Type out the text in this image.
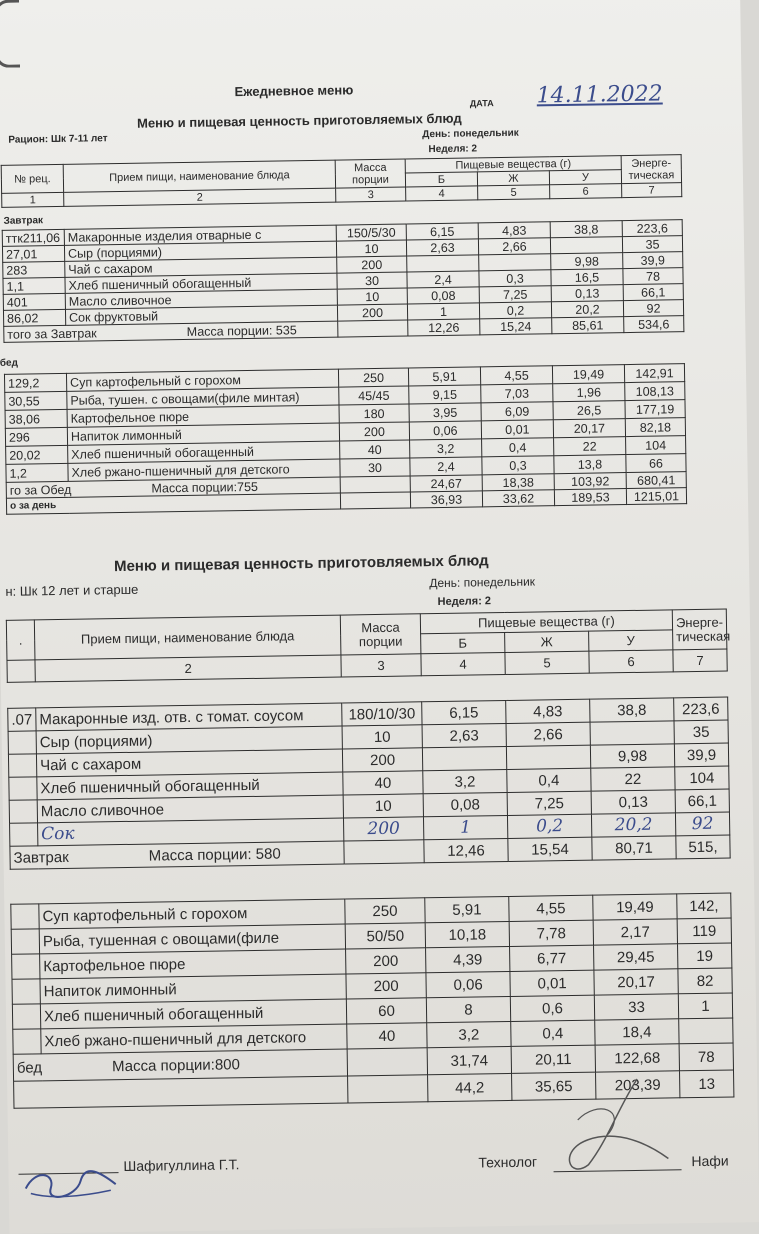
Ежедневное меню
ДАТА 14.11.2022
Меню и пищевая ценность приготовляемых блюд
Рацион: Шк 7-11 лет	День: понедельник
Неделя: 2
№ рец.	Прием пищи, наименование блюда	Масса порции	Пищевые вещества (г)			Энерге-тическая
			Б	Ж	У	
1	2	3	4	5	6	7
Завтрак
ттк211,06	Макаронные изделия отварные с	150/5/30	6,15	4,83	38,8	223,6
27,01	Сыр (порциями)	10	2,63	2,66		35
283	Чай с сахаром	200			9,98	39,9
1,1	Хлеб пшеничный обогащенный	30	2,4	0,3	16,5	78
401	Масло сливочное	10	0,08	7,25	0,13	66,1
86,02	Сок фруктовый	200	1	0,2	20,2	92
того за Завтрак Масса порции: 535			12,26	15,24	85,61	534,6
бед
129,2	Суп картофельный с горохом	250	5,91	4,55	19,49	142,91
30,55	Рыба, тушен. с овощами(филе минтая)	45/45	9,15	7,03	1,96	108,13
38,06	Картофельное пюре	180	3,95	6,09	26,5	177,19
296	Напиток лимонный	200	0,06	0,01	20,17	82,18
20,02	Хлеб пшеничный обогащенный	40	3,2	0,4	22	104
1,2	Хлеб ржано-пшеничный для детского	30	2,4	0,3	13,8	66
го за Обед Масса порции:755			24,67	18,38	103,92	680,41
о за день			36,93	33,62	189,53	1215,01
Меню и пищевая ценность приготовляемых блюд
н: Шк 12 лет и старше	День: понедельник
Неделя: 2
.	Прием пищи, наименование блюда	Масса порции	Пищевые вещества (г)			Энерге-тическая
			Б	Ж	У	
	2	3	4	5	6	7
.07	Макаронные изд. отв. с томат. соусом	180/10/30	6,15	4,83	38,8	223,6
	Сыр (порциями)	10	2,63	2,66		35
	Чай с сахаром	200			9,98	39,9
	Хлеб пшеничный обогащенный	40	3,2	0,4	22	104
	Масло сливочное	10	0,08	7,25	0,13	66,1
	Сок	200	1	0,2	20,2	92
Завтрак Масса порции: 580			12,46	15,54	80,71	515,
	Суп картофельный с горохом	250	5,91	4,55	19,49	142,
	Рыба, тушенная с овощами(филе	50/50	10,18	7,78	2,17	119
	Картофельное пюре	200	4,39	6,77	29,45	19
	Напиток лимонный	200	0,06	0,01	20,17	82
	Хлеб пшеничный обогащенный	60	8	0,6	33	1
	Хлеб ржано-пшеничный для детского	40	3,2	0,4	18,4	
бед Масса порции:800			31,74	20,11	122,68	78
			44,2	35,65	203,39	13
Шафигуллина Г.Т.	Технолог	Нафи
